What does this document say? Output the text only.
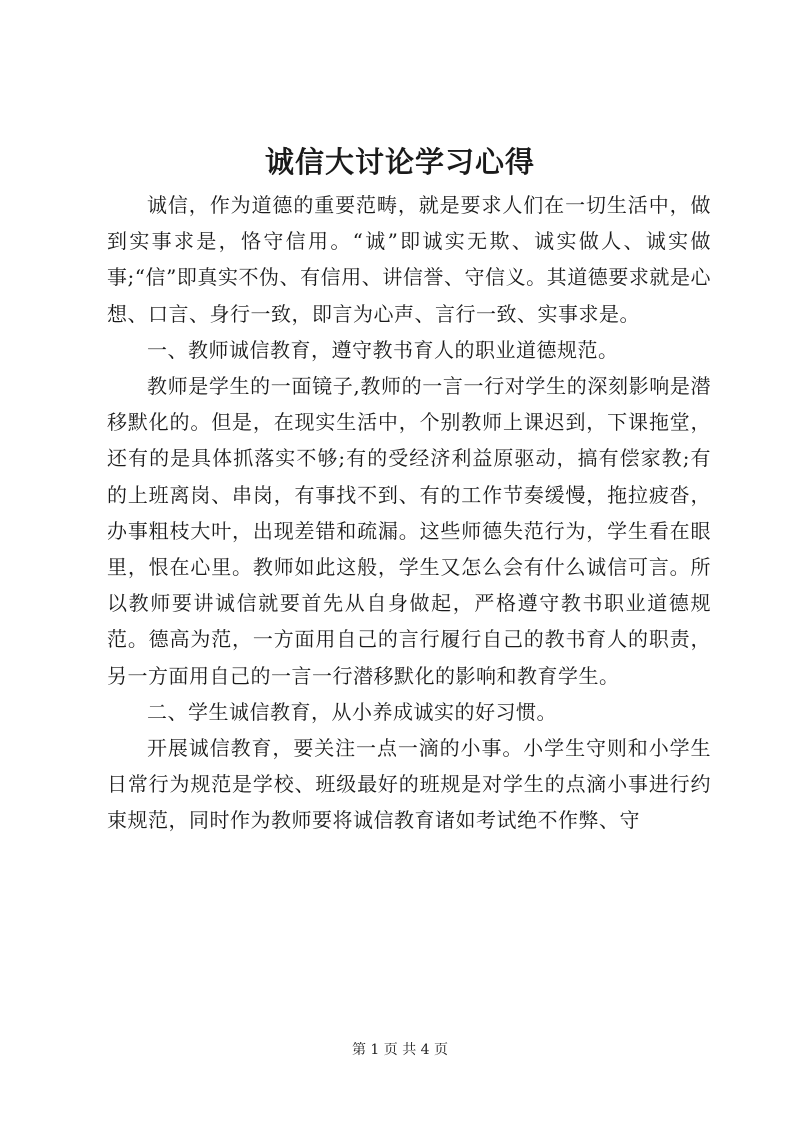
诚信大讨论学习心得

诚信，作为道德的重要范畴，就是要求人们在一切生活中，做到实事求是，恪守信用。“诚”即诚实无欺、诚实做人、诚实做事;“信”即真实不伪、有信用、讲信誉、守信义。其道德要求就是心想、口言、身行一致，即言为心声、言行一致、实事求是。

一、教师诚信教育，遵守教书育人的职业道德规范。

教师是学生的一面镜子,教师的一言一行对学生的深刻影响是潜移默化的。但是，在现实生活中，个别教师上课迟到，下课拖堂，还有的是具体抓落实不够;有的受经济利益原驱动，搞有偿家教;有的上班离岗、串岗，有事找不到、有的工作节奏缓慢，拖拉疲沓，办事粗枝大叶，出现差错和疏漏。这些师德失范行为，学生看在眼里，恨在心里。教师如此这般，学生又怎么会有什么诚信可言。所以教师要讲诚信就要首先从自身做起，严格遵守教书职业道德规范。德高为范，一方面用自己的言行履行自己的教书育人的职责，另一方面用自己的一言一行潜移默化的影响和教育学生。

二、学生诚信教育，从小养成诚实的好习惯。

开展诚信教育，要关注一点一滴的小事。小学生守则和小学生日常行为规范是学校、班级最好的班规是对学生的点滴小事进行约束规范，同时作为教师要将诚信教育诸如考试绝不作弊、守

第 1 页 共 4 页
